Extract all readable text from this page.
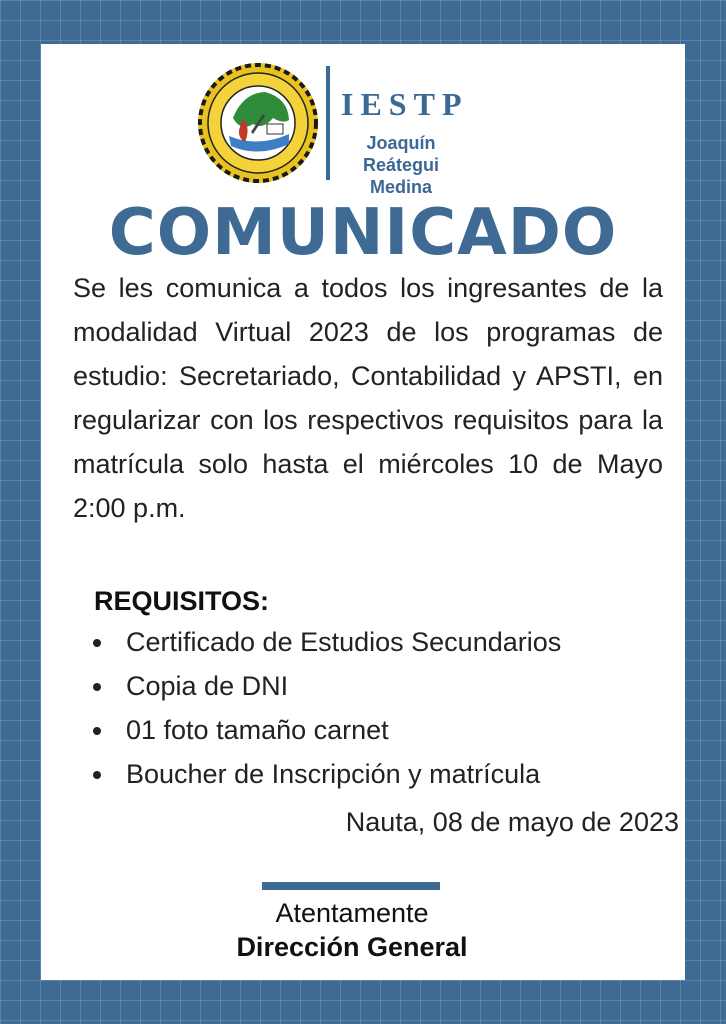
IESTP
Joaquín Reátegui Medina
COMUNICADO
Se les comunica a todos los ingresantes de la modalidad Virtual 2023 de los programas de estudio: Secretariado, Contabilidad y APSTI, en regularizar con los respectivos requisitos para la matrícula solo hasta el miércoles 10 de Mayo 2:00 p.m.
REQUISITOS:
Certificado de Estudios Secundarios
Copia de DNI
01 foto tamaño carnet
Boucher de Inscripción y matrícula
Nauta, 08 de mayo de 2023
Atentamente
Dirección General
